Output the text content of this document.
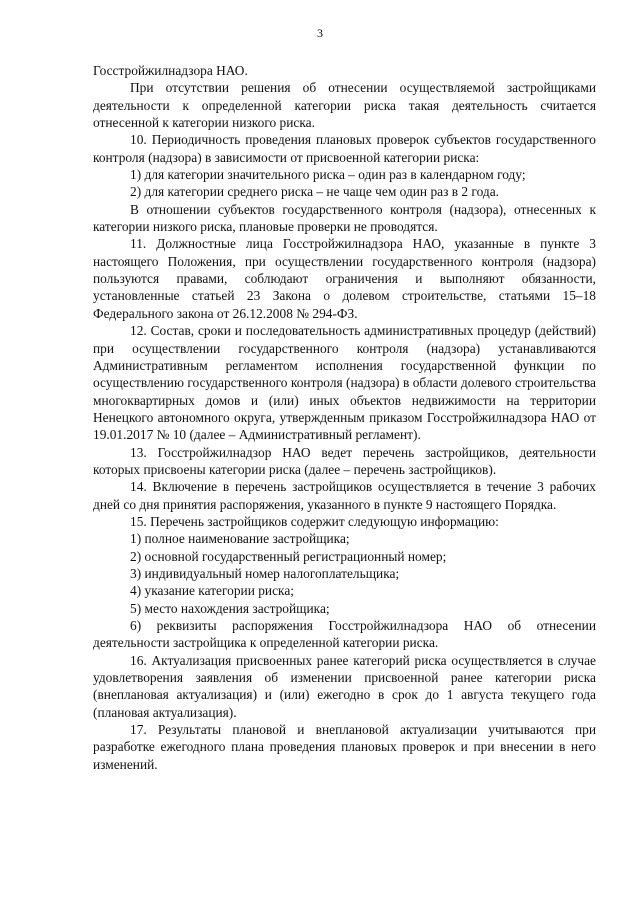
3

Госстройжилнадзора НАО.

При отсутствии решения об отнесении осуществляемой застройщиками деятельности к определенной категории риска такая деятельность считается отнесенной к категории низкого риска.

10. Периодичность проведения плановых проверок субъектов государственного контроля (надзора) в зависимости от присвоенной категории риска:

1) для категории значительного риска – один раз в календарном году;

2) для категории среднего риска – не чаще чем один раз в 2 года.

В отношении субъектов государственного контроля (надзора), отнесенных к категории низкого риска, плановые проверки не проводятся.

11. Должностные лица Госстройжилнадзора НАО, указанные в пункте 3 настоящего Положения, при осуществлении государственного контроля (надзора) пользуются правами, соблюдают ограничения и выполняют обязанности, установленные статьей 23 Закона о долевом строительстве, статьями 15–18 Федерального закона от 26.12.2008 № 294-ФЗ.

12. Состав, сроки и последовательность административных процедур (действий) при осуществлении государственного контроля (надзора) устанавливаются Административным регламентом исполнения государственной функции по осуществлению государственного контроля (надзора) в области долевого строительства многоквартирных домов и (или) иных объектов недвижимости на территории Ненецкого автономного округа, утвержденным приказом Госстройжилнадзора НАО от 19.01.2017 № 10 (далее – Административный регламент).

13. Госстройжилнадзор НАО ведет перечень застройщиков, деятельности которых присвоены категории риска (далее – перечень застройщиков).

14. Включение в перечень застройщиков осуществляется в течение 3 рабочих дней со дня принятия распоряжения, указанного в пункте 9 настоящего Порядка.

15. Перечень застройщиков содержит следующую информацию:

1) полное наименование застройщика;

2) основной государственный регистрационный номер;

3) индивидуальный номер налогоплательщика;

4) указание категории риска;

5) место нахождения застройщика;

6) реквизиты распоряжения Госстройжилнадзора НАО об отнесении деятельности застройщика к определенной категории риска.

16. Актуализация присвоенных ранее категорий риска осуществляется в случае удовлетворения заявления об изменении присвоенной ранее категории риска (внеплановая актуализация) и (или) ежегодно в срок до 1 августа текущего года (плановая актуализация).

17. Результаты плановой и внеплановой актуализации учитываются при разработке ежегодного плана проведения плановых проверок и при внесении в него изменений.
